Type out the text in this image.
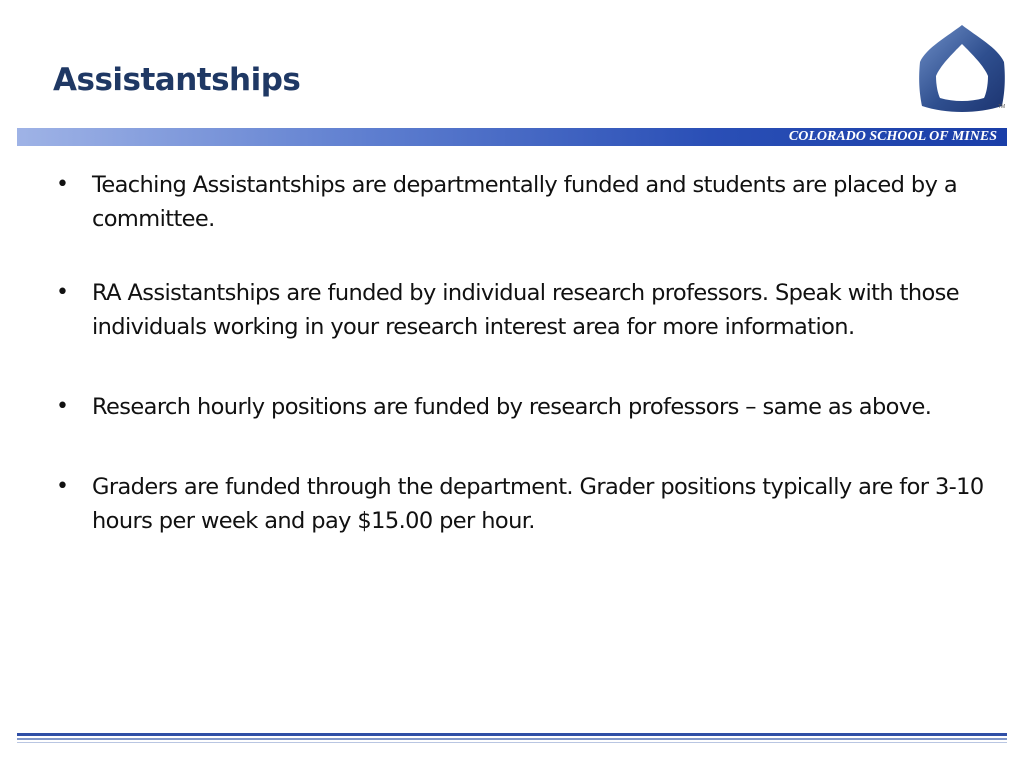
Assistantships
TM
COLORADO SCHOOL OF MINES
• Teaching Assistantships are departmentally funded and students are placed by a committee.
• RA Assistantships are funded by individual research professors. Speak with those individuals working in your research interest area for more information.
• Research hourly positions are funded by research professors – same as above.
• Graders are funded through the department. Grader positions typically are for 3-10 hours per week and pay $15.00 per hour.
